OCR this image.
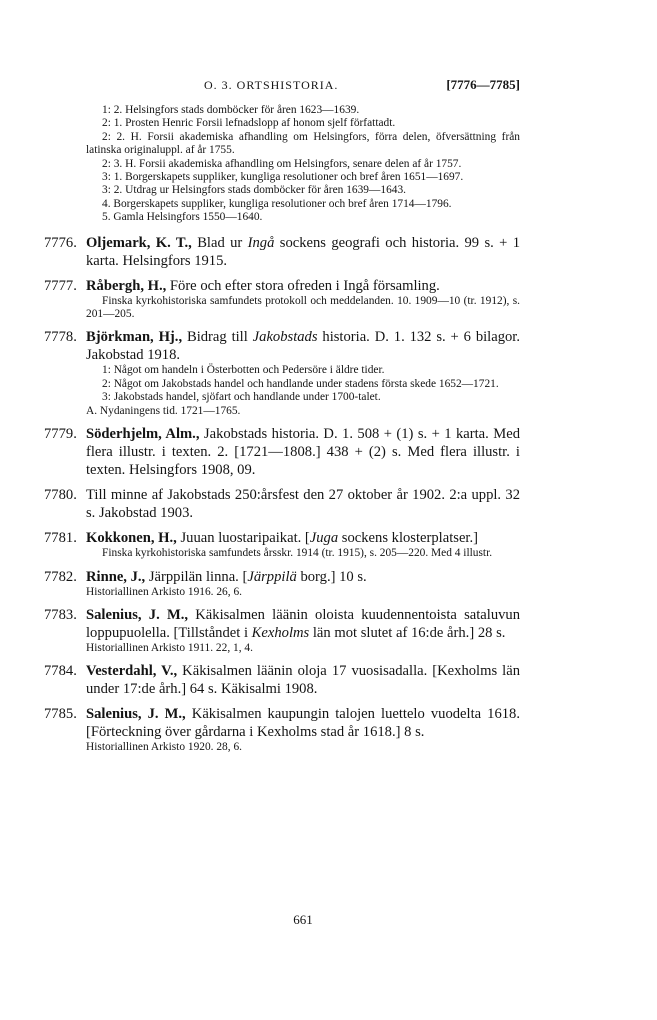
O. 3. ORTSHISTORIA.	[7776—7785]
1: 2. Helsingfors stads domböcker för åren 1623—1639.
2: 1. Prosten Henric Forsii lefnadslopp af honom sjelf författadt.
2: 2. H. Forsii akademiska afhandling om Helsingfors, förra delen, öfversättning från latinska originaluppl. af år 1755.
2: 3. H. Forsii akademiska afhandling om Helsingfors, senare delen af år 1757.
3: 1. Borgerskapets suppliker, kungliga resolutioner och bref åren 1651—1697.
3: 2. Utdrag ur Helsingfors stads domböcker för åren 1639—1643.
4. Borgerskapets suppliker, kungliga resolutioner och bref åren 1714—1796.
5. Gamla Helsingfors 1550—1640.
7776. Oljemark, K. T., Blad ur Ingå sockens geografi och historia. 99 s. + 1 karta. Helsingfors 1915.
7777. Råbergh, H., Före och efter stora ofreden i Ingå församling.
Finska kyrkohistoriska samfundets protokoll och meddelanden. 10. 1909—10 (tr. 1912), s. 201—205.
7778. Björkman, Hj., Bidrag till Jakobstads historia. D. 1. 132 s. + 6 bilagor. Jakobstad 1918.
1: Något om handeln i Österbotten och Pedersöre i äldre tider.
2: Något om Jakobstads handel och handlande under stadens första skede 1652—1721.
3: Jakobstads handel, sjöfart och handlande under 1700-talet.
A. Nydaningens tid. 1721—1765.
7779. Söderhjelm, Alm., Jakobstads historia. D. 1. 508 + (1) s. + 1 karta. Med flera illustr. i texten. 2. [1721—1808.] 438 + (2) s. Med flera illustr. i texten. Helsingfors 1908, 09.
7780. Till minne af Jakobstads 250:årsfest den 27 oktober år 1902. 2:a uppl. 32 s. Jakobstad 1903.
7781. Kokkonen, H., Juuan luostaripaikat. [Juga sockens klosterplatser.]
Finska kyrkohistoriska samfundets årsskr. 1914 (tr. 1915), s. 205—220. Med 4 illustr.
7782. Rinne, J., Järppilän linna. [Järppilä borg.] 10 s.
Historiallinen Arkisto 1916. 26, 6.
7783. Salenius, J. M., Käkisalmen läänin oloista kuudennentoista sataluvun loppupuolella. [Tillståndet i Kexholms län mot slutet af 16:de årh.] 28 s.
Historiallinen Arkisto 1911. 22, 1, 4.
7784. Vesterdahl, V., Käkisalmen läänin oloja 17 vuosisadalla. [Kexholms län under 17:de årh.] 64 s. Käkisalmi 1908.
7785. Salenius, J. M., Käkisalmen kaupungin talojen luettelo vuodelta 1618. [Förteckning över gårdarna i Kexholms stad år 1618.] 8 s.
Historiallinen Arkisto 1920. 28, 6.
661
